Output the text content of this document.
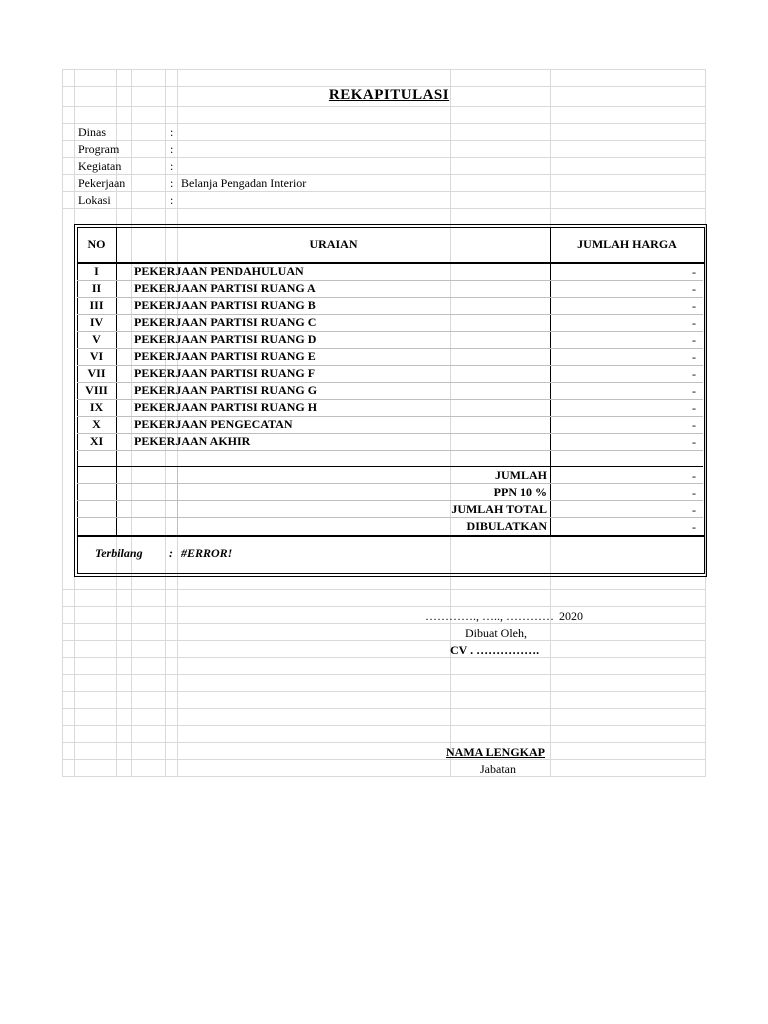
REKAPITULASI
Dinas	:
Program	:
Kegiatan	:
Pekerjaan	: Belanja Pengadan Interior
Lokasi	:
NO	URAIAN	JUMLAH HARGA
I	PEKERJAAN PENDAHULUAN	-
II	PEKERJAAN PARTISI RUANG A	-
III	PEKERJAAN PARTISI RUANG B	-
IV	PEKERJAAN PARTISI RUANG C	-
V	PEKERJAAN PARTISI RUANG D	-
VI	PEKERJAAN PARTISI RUANG E	-
VII	PEKERJAAN PARTISI RUANG F	-
VIII	PEKERJAAN PARTISI RUANG G	-
IX	PEKERJAAN PARTISI RUANG H	-
X	PEKERJAAN PENGECATAN	-
XI	PEKERJAAN AKHIR	-
JUMLAH	-
PPN 10 %	-
JUMLAH TOTAL	-
DIBULATKAN	-
Terbilang : #ERROR!
…………., ….., ………… 2020
Dibuat Oleh,
CV . …………….
NAMA LENGKAP
Jabatan
